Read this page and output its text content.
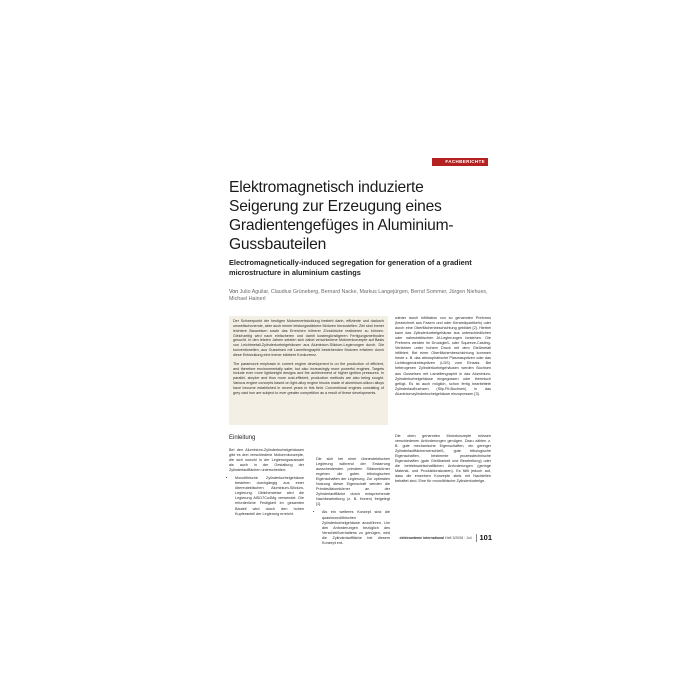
FACHBERICHTE
Elektromagnetisch induzierte Seigerung zur Erzeugung eines Gradientengefüges in Aluminium-Gussbauteilen
Electromagnetically-induced segregation for generation of a gradient microstructure in aluminium castings
Von Julio Aguilar, Claudius Grüneberg, Bernard Nacke, Markus Langejürgen, Bernd Sommer, Jürgen Niehues, Michael Hainerl

Der Schwerpunkt der heutigen Motorenentwicklung besteht darin, effiziente und dadurch umweltschonende, aber auch immer leistungsstärkere Motoren herzustellen. Ziel sind immer leichtere Bauweisen sowie das Erreichen höherer Zünddrücke realisieren zu können. Gleichzeitig wird nach einfacheren und damit kostengünstigeren Fertigungsmethoden gesucht. In den letzten Jahren setzten sich dabei verschiedene Motorenkonzepte auf Basis von Leichtmetall-Zylinderkurbelgehäusen aus Aluminium-Silicium-Legierungen durch. Die konventionellen, aus Gusseisen mit Lamellengraphit bestehenden Motoren erfahren durch diese Entwicklung eine immer stärkere Konkurrenz.

The paramount emphasis in current engine development is on the production of efficient, and therefore environmentally safer, but also increasingly more powerful engines. Targets include ever more lightweight designs and the achievement of higher ignition pressures. In parallel, simpler and thus more cost-efficient, production methods are also being sought. Various engine concepts based on light-alloy engine blocks made of aluminium-silicon alloys have become established in recent years in this field. Conventional engines consisting of grey cast iron are subject to ever greater competition as a result of these developments.

wieder durch Infiltration von so genannten Preforms (bezeichnet aus Fasern und oder Keramikpartikeln) oder durch eine Oberflächenbeschichtung gebildet [2]. Hierbei kann das Zylinderkurbelgehäuse aus unterschiedlichen oder naheutektischen Al-Legierungen bestehen. Die Preforms werden im Druckgieß- oder Squeeze-Casting-Verfahren unter hohem Druck mit dem Gießmetall infiltriert. Bei einer Oberflächenbeschichtung kommen heute z. B. das atmosphärische Plasmaspritzen oder das Lichtbogendrahtspritzen (LDS) zum Einsatz. Bei heterogenen Zylinderkurbelgehäusen werden Buchsen aus Gusseisen mit Lamellengraphit in das Aluminium-Zylinderkurbelgehäuse eingegossen oder thermisch gefügt. Es ist auch möglich, schon fertig bearbeitete Zylinderlaufbuchsen (Slip-Fit-Buchsen) in das Aluminiumzylinderkurbelgehäuse einzupressen [3].

Einleitung

Bei den Aluminium-Zylinderkurbelgehäusen gibt es drei verschiedene Motorenkonzepte, die sich sowohl in der Legierungsauswahl als auch in der Gestaltung der Zylinderlaufflächen unterscheiden:

• Monolithische Zylinderkurbelgehäuse bestehen durchgängig aus einer übereutektischen Aluminium-Silicium-Legierung. Üblicherweise wird die Legierung AlSi17Cu4Mg verwendet. Die erforderliche Festigkeit im gesamten Bauteil wird durch den hohen Kupferanteil der Legierung erreicht.

Die sich bei einer übereutektischen Legierung während der Erstarrung ausscheidenden primären Siliziumkörner ergeben die guten tribologischen Eigenschaften der Legierung. Zur optimalen Nutzung dieser Eigenschaft werden die Primärsiliziumkörner an der Zylinderlauffläche durch entsprechende Nachbearbeitung (z. B. Honen) freigelegt [1].

• Als ein weiteres Konzept sind die quasimonolithischen Zylinderkurbelgehäuse anzuführen. Um den Anforderungen bezüglich des Verschleißverhaltens zu genügen, wird die Zylinderlauffläche bei diesem Konzept ent-

Die oben genannten Motorkonzepte müssen verschiedenen Anforderungen genügen. Dazu zählen z. B. gute mechanische Eigenschaften, ein geringer Zylinderlaufflächenverschleiß, gute tribologische Eigenschaften, bestimmte prozesstechnische Eigenschaften (gute Gießbarkeit und Bearbeitung) oder die betriebswirtschaftlichen Anforderungen (geringe Material- und Produktionskosten). Es fällt jedoch auf, dass die einzelnen Konzepte stets mit Nachteilen behaftet sind. Eine für monolithische Zylinderkurbelge-

elektrowärme international Heft 3/2008 · Juli 101
